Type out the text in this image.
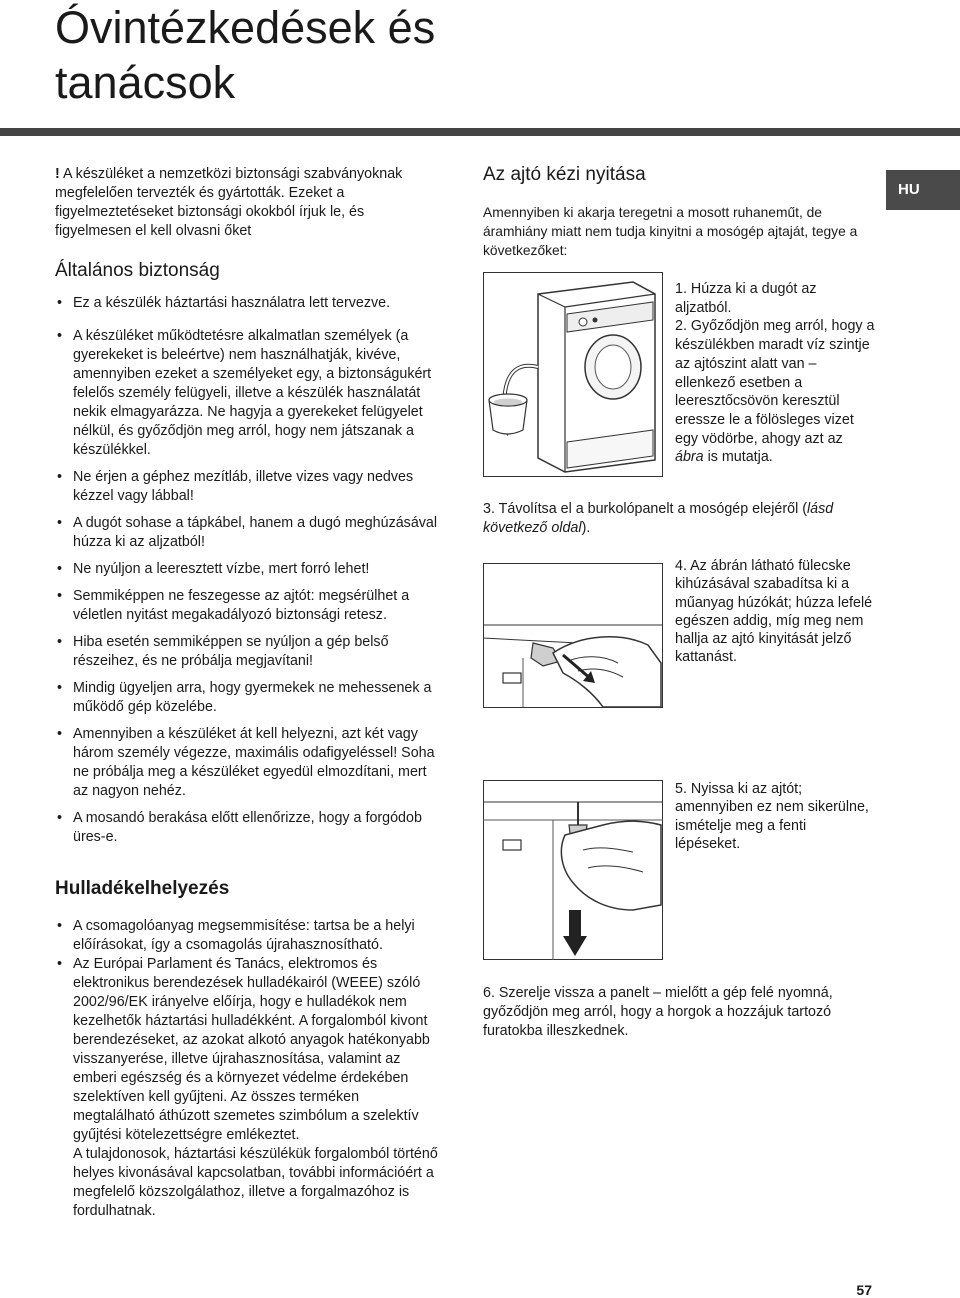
Óvintézkedések és
tanácsok

! A készüléket a nemzetközi biztonsági szabványoknak megfelelően tervezték és gyártották. Ezeket a figyelmeztetéseket biztonsági okokból írjuk le, és figyelmesen el kell olvasni őket

Általános biztonság
• Ez a készülék háztartási használatra lett tervezve.
• A készüléket működtetésre alkalmatlan személyek (a gyerekeket is beleértve) nem használhatják, kivéve, amennyiben ezeket a személyeket egy, a biztonságukért felelős személy felügyeli, illetve a készülék használatát nekik elmagyarázza. Ne hagyja a gyerekeket felügyelet nélkül, és győződjön meg arról, hogy nem játszanak a készülékkel.
• Ne érjen a géphez mezítláb, illetve vizes vagy nedves kézzel vagy lábbal!
• A dugót sohase a tápkábel, hanem a dugó meghúzásával húzza ki az aljzatból!
• Ne nyúljon a leeresztett vízbe, mert forró lehet!
• Semmiképpen ne feszegesse az ajtót: megsérülhet a véletlen nyitást megakadályozó biztonsági retesz.
• Hiba esetén semmiképpen se nyúljon a gép belső részeihez, és ne próbálja megjavítani!
• Mindig ügyeljen arra, hogy gyermekek ne mehessenek a működő gép közelébe.
• Amennyiben a készüléket át kell helyezni, azt két vagy három személy végezze, maximális odafigyeléssel! Soha ne próbálja meg a készüléket egyedül elmozdítani, mert az nagyon nehéz.
• A mosandó berakása előtt ellenőrizze, hogy a forgódob üres-e.
Hulladékelhelyezés
• A csomagolóanyag megsemmisítése: tartsa be a helyi előírásokat, így a csomagolás újrahasznosítható.
• Az Európai Parlament és Tanács, elektromos és elektronikus berendezések hulladékairól (WEEE) szóló 2002/96/EK irányelve előírja, hogy e hulladékok nem kezelhetők háztartási hulladékként. A forgalomból kivont berendezéseket, az azokat alkotó anyagok hatékonyabb visszanyerése, illetve újrahasznosítása, valamint az emberi egészség és a környezet védelme érdekében szelektíven kell gyűjteni. Az összes terméken megtalálható áthúzott szemetes szimbólum a szelektív gyűjtési kötelezettségre emlékeztet.
A tulajdonosok, háztartási készülékük forgalomból történő helyes kivonásával kapcsolatban, további információért a megfelelő közszolgálathoz, illetve a forgalmazóhoz is fordulhatnak.
Az ajtó kézi nyitása

Amennyiben ki akarja teregetni a mosott ruhaneműt, de áramhiány miatt nem tudja kinyitni a mosógép ajtaját, tegye a következőket:

1. Húzza ki a dugót az aljzatból.
2. Győződjön meg arról, hogy a készülékben maradt víz szintje az ajtószint alatt van – ellenkező esetben a leeresztőcsövön keresztül eressze le a fölösleges vizet egy vödörbe, ahogy azt az ábra is mutatja.

3. Távolítsa el a burkolópanelt a mosógép elejéről (lásd következő oldal).

4. Az ábrán látható fülecske kihúzásával szabadítsa ki a műanyag húzókát; húzza lefelé egészen addig, míg meg nem hallja az ajtó kinyitását jelző kattanást.
5. Nyissa ki az ajtót; amennyiben ez nem sikerülne, ismételje meg a fenti lépéseket.

6. Szerelje vissza a panelt – mielőtt a gép felé nyomná, győződjön meg arról, hogy a horgok a hozzájuk tartozó furatokba illeszkednek.

HU
57
